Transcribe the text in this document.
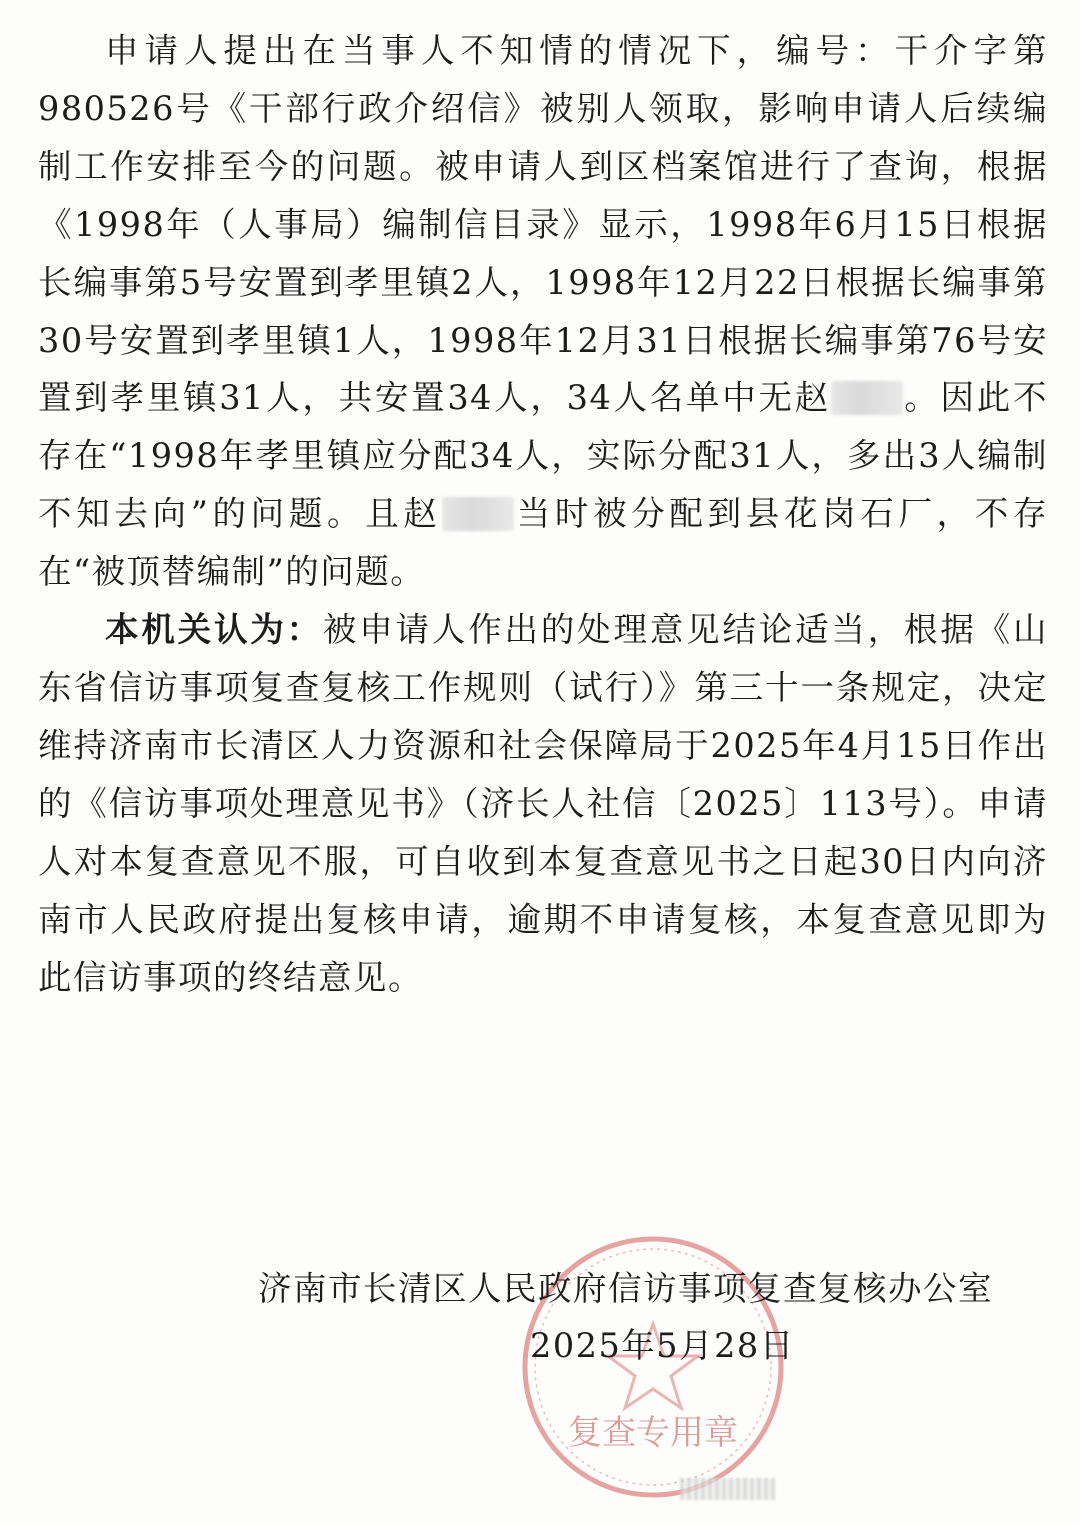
申请人提出在当事人不知情的情况下，编号：干介字第980526号《干部行政介绍信》被别人领取，影响申请人后续编制工作安排至今的问题。被申请人到区档案馆进行了查询，根据《1998年（人事局）编制信目录》显示，1998年6月15日根据长编事第5号安置到孝里镇2人，1998年12月22日根据长编事第30号安置到孝里镇1人，1998年12月31日根据长编事第76号安置到孝里镇31人，共安置34人，34人名单中无赵 。因此不存在“1998年孝里镇应分配34人，实际分配31人，多出3人编制不知去向”的问题。且赵 当时被分配到县花岗石厂，不存在“被顶替编制”的问题。

本机关认为：被申请人作出的处理意见结论适当，根据《山东省信访事项复查复核工作规则（试行）》第三十一条规定，决定维持济南市长清区人力资源和社会保障局于2025年4月15日作出的《信访事项处理意见书》（济长人社信〔2025〕113号）。申请人对本复查意见不服，可自收到本复查意见书之日起30日内向济南市人民政府提出复核申请，逾期不申请复核，本复查意见即为此信访事项的终结意见。

复查专用章
济南市长清区人民政府信访事项复查复核办公室
2025年5月28日
